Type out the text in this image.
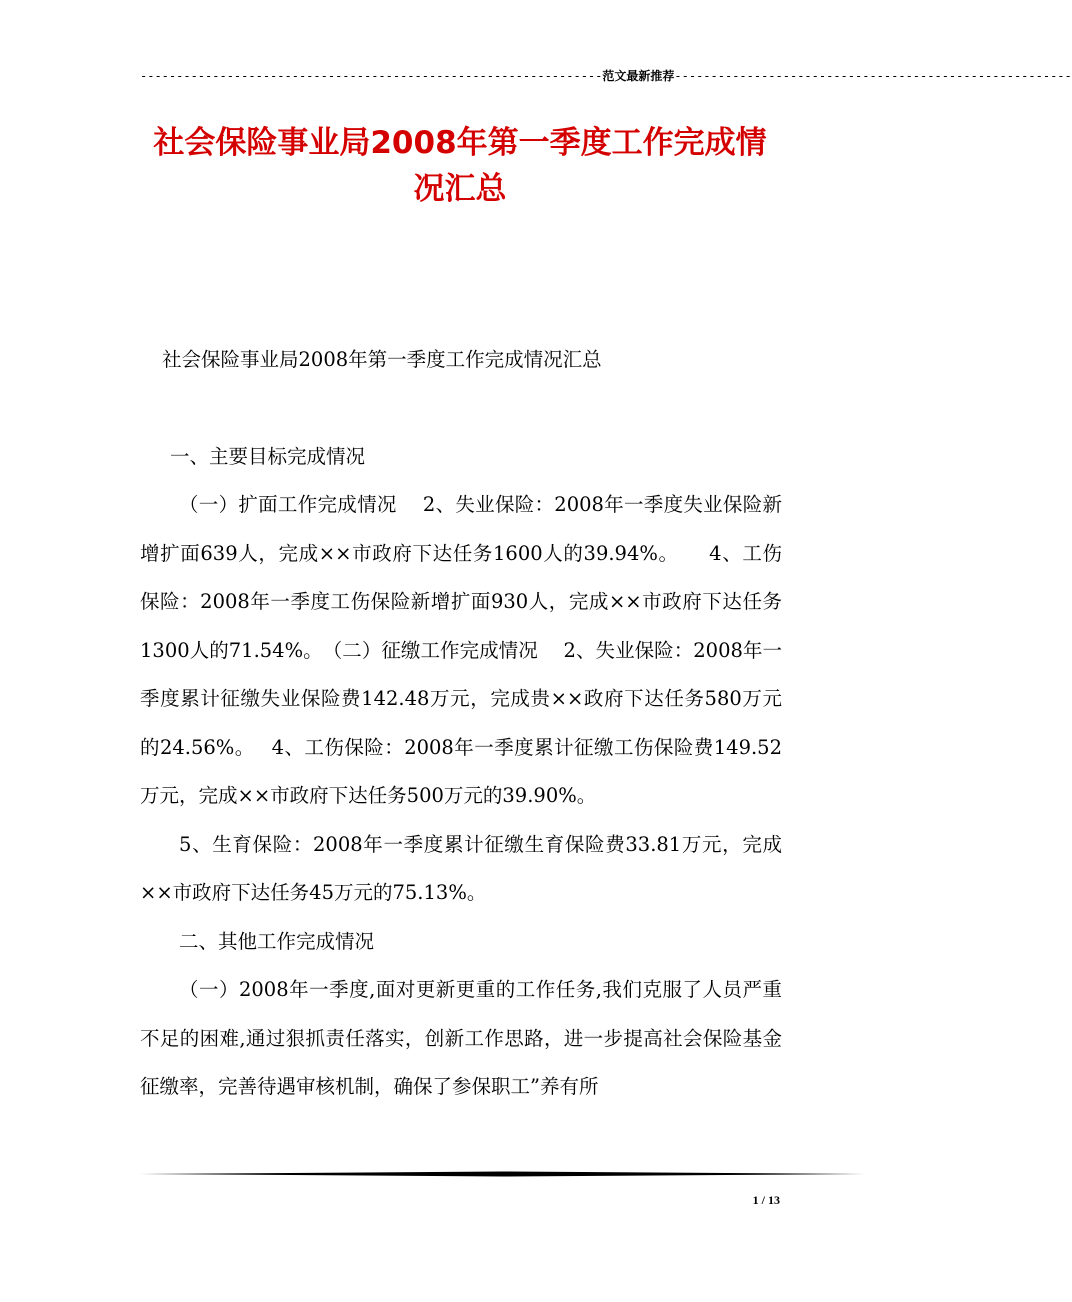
----------------------------------------------------------------范文最新推荐-------------------------------------------------------
社会保险事业局2008年第一季度工作完成情况汇总

社会保险事业局2008年第一季度工作完成情况汇总

一、主要目标完成情况

（一）扩面工作完成情况　 2、失业保险：2008年一季度失业保险新增扩面639人，完成××市政府下达任务1600人的39.94%。　　4、工伤保险：2008年一季度工伤保险新增扩面930人，完成××市政府下达任务1300人的71.54%。　（二）征缴工作完成情况　 2、失业保险：2008年一季度累计征缴失业保险费142.48万元，完成贵××政府下达任务580万元的24.56%。　 4、工伤保险：2008年一季度累计征缴工伤保险费149.52万元，完成××市政府下达任务500万元的39.90%。

5、生育保险：2008年一季度累计征缴生育保险费33.81万元，完成××市政府下达任务45万元的75.13%。

二、其他工作完成情况

（一）2008年一季度,面对更新更重的工作任务,我们克服了人员严重不足的困难,通过狠抓责任落实，创新工作思路，进一步提高社会保险基金征缴率，完善待遇审核机制，确保了参保职工”养有所

1 / 13
